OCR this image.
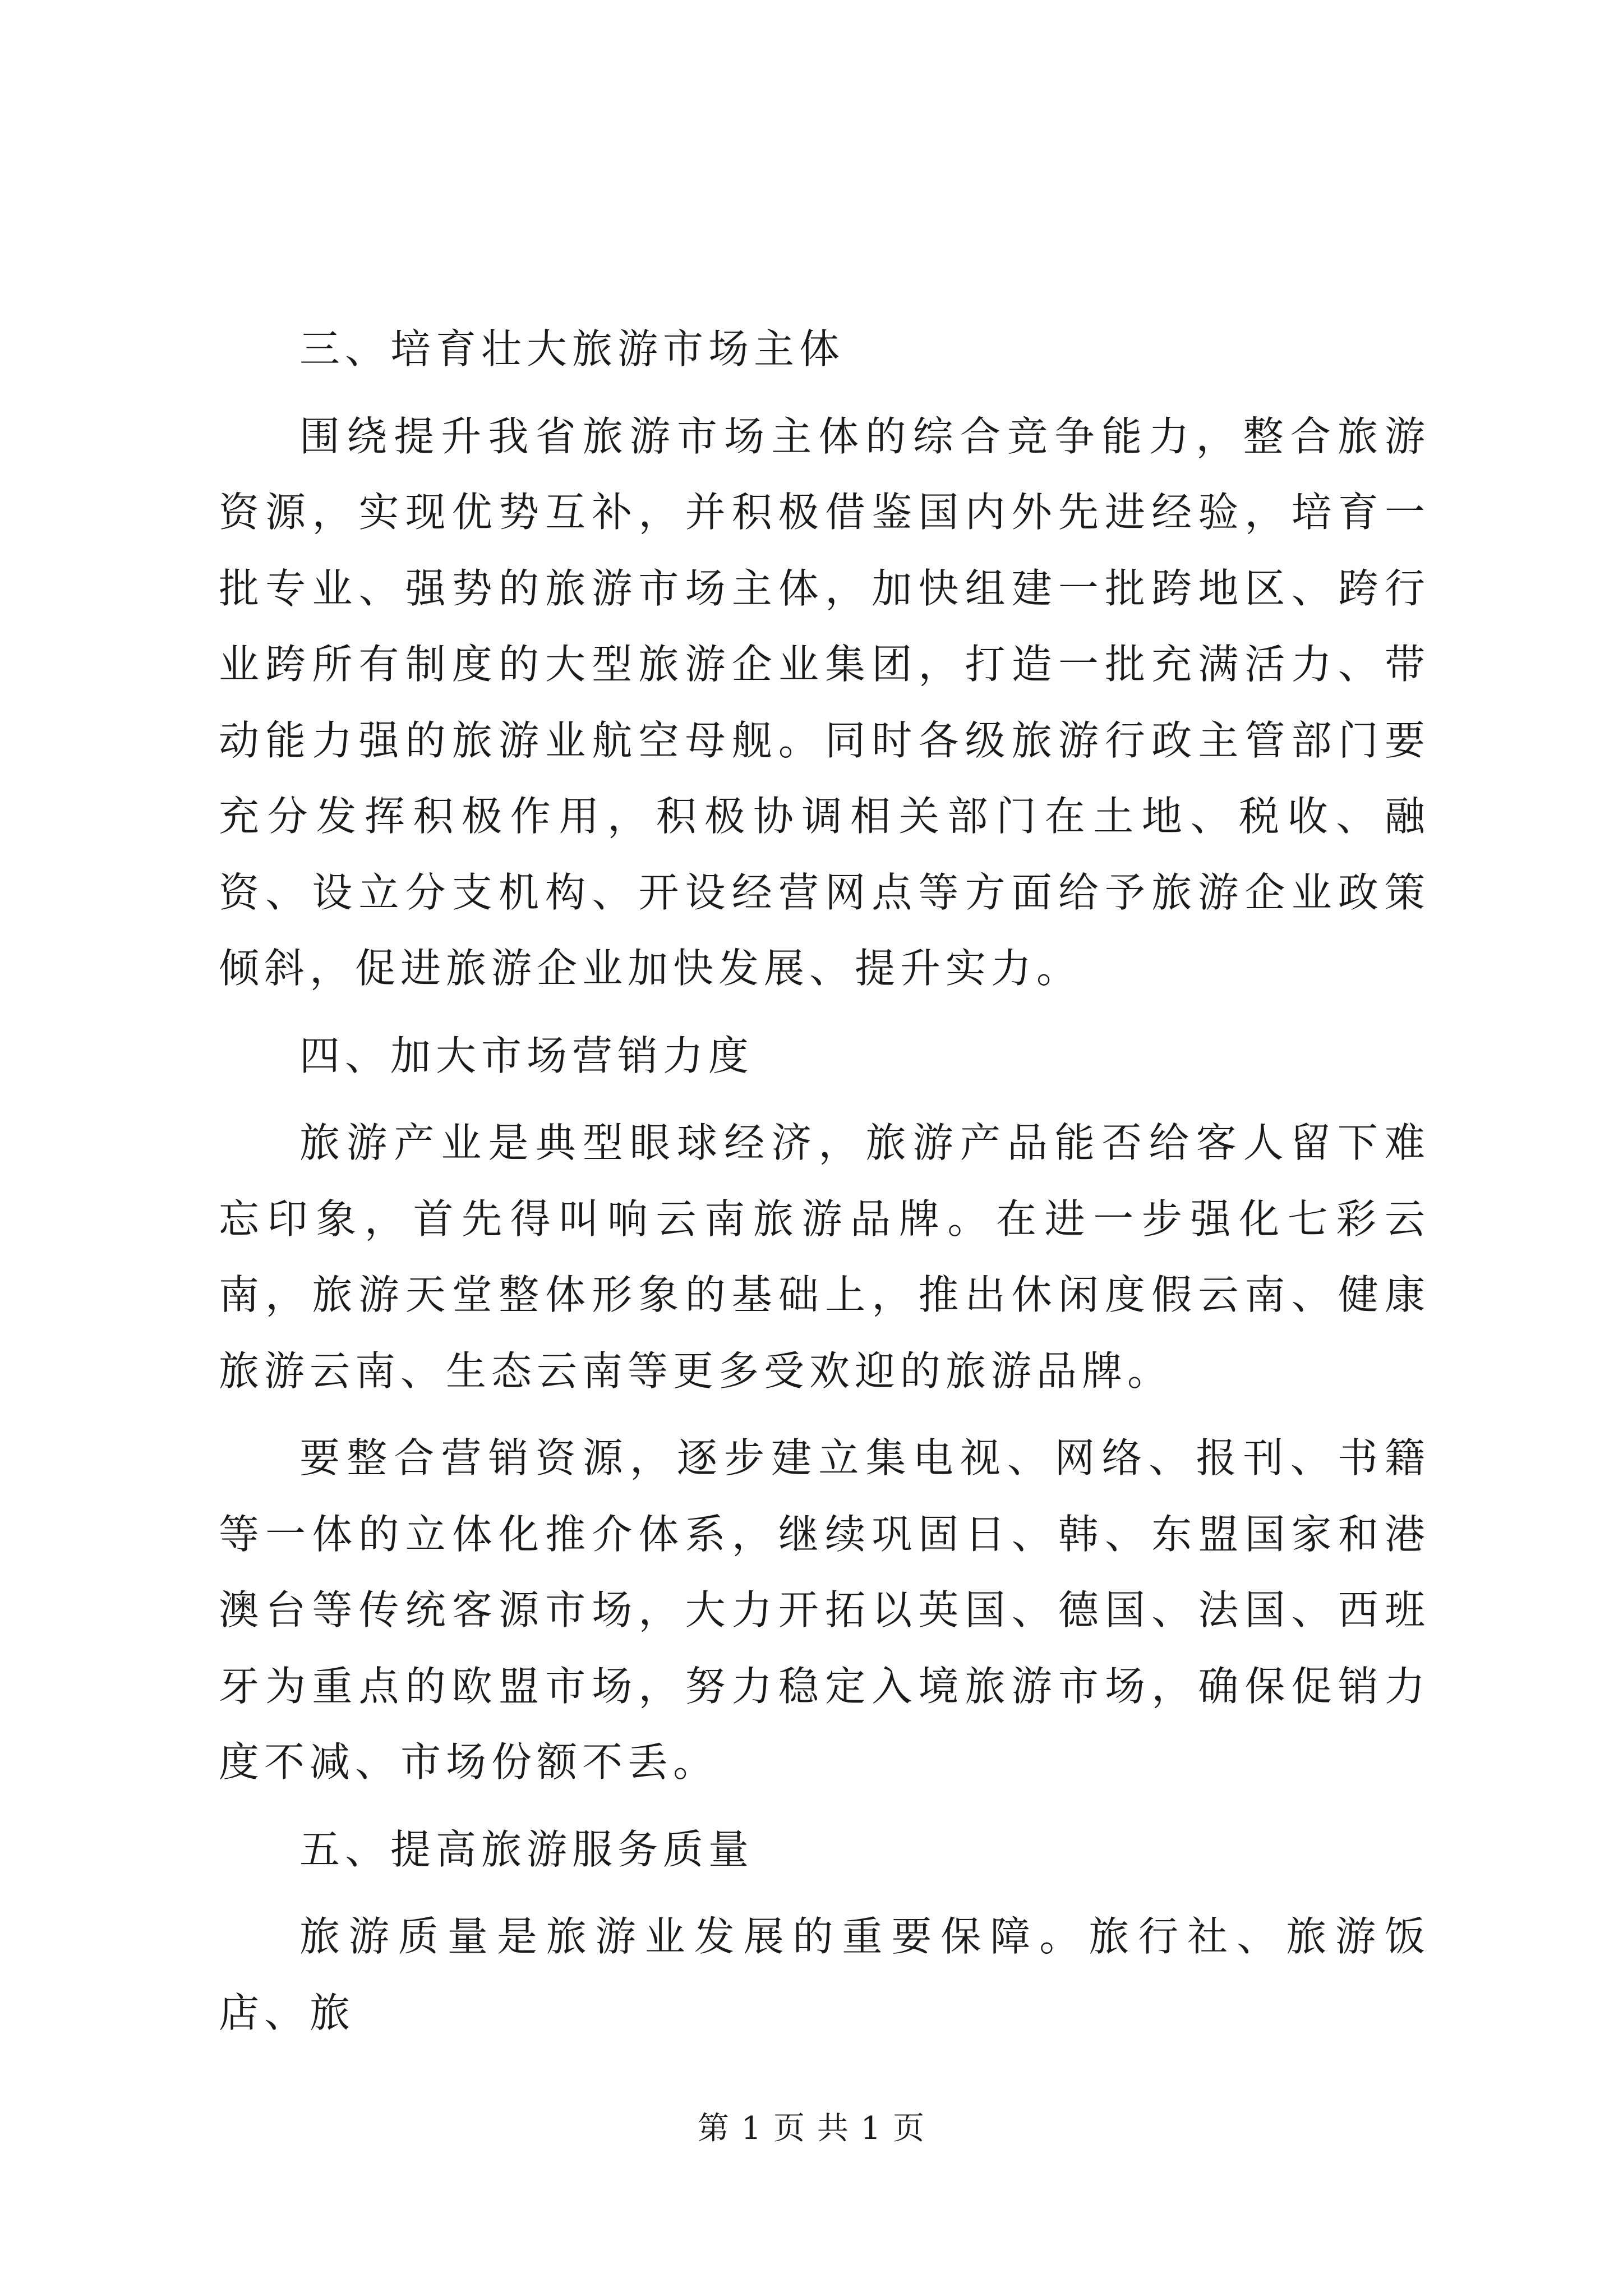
三、培育壮大旅游市场主体

围绕提升我省旅游市场主体的综合竞争能力，整合旅游资源，实现优势互补，并积极借鉴国内外先进经验，培育一批专业、强势的旅游市场主体，加快组建一批跨地区、跨行业跨所有制度的大型旅游企业集团，打造一批充满活力、带动能力强的旅游业航空母舰。同时各级旅游行政主管部门要充分发挥积极作用，积极协调相关部门在土地、税收、融资、设立分支机构、开设经营网点等方面给予旅游企业政策倾斜，促进旅游企业加快发展、提升实力。

四、加大市场营销力度

旅游产业是典型眼球经济，旅游产品能否给客人留下难忘印象，首先得叫响云南旅游品牌。在进一步强化七彩云南，旅游天堂整体形象的基础上，推出休闲度假云南、健康旅游云南、生态云南等更多受欢迎的旅游品牌。

要整合营销资源，逐步建立集电视、网络、报刊、书籍等一体的立体化推介体系，继续巩固日、韩、东盟国家和港澳台等传统客源市场，大力开拓以英国、德国、法国、西班牙为重点的欧盟市场，努力稳定入境旅游市场，确保促销力度不减、市场份额不丢。

五、提高旅游服务质量

旅游质量是旅游业发展的重要保障。旅行社、旅游饭店、旅

第 1 页 共 1 页
